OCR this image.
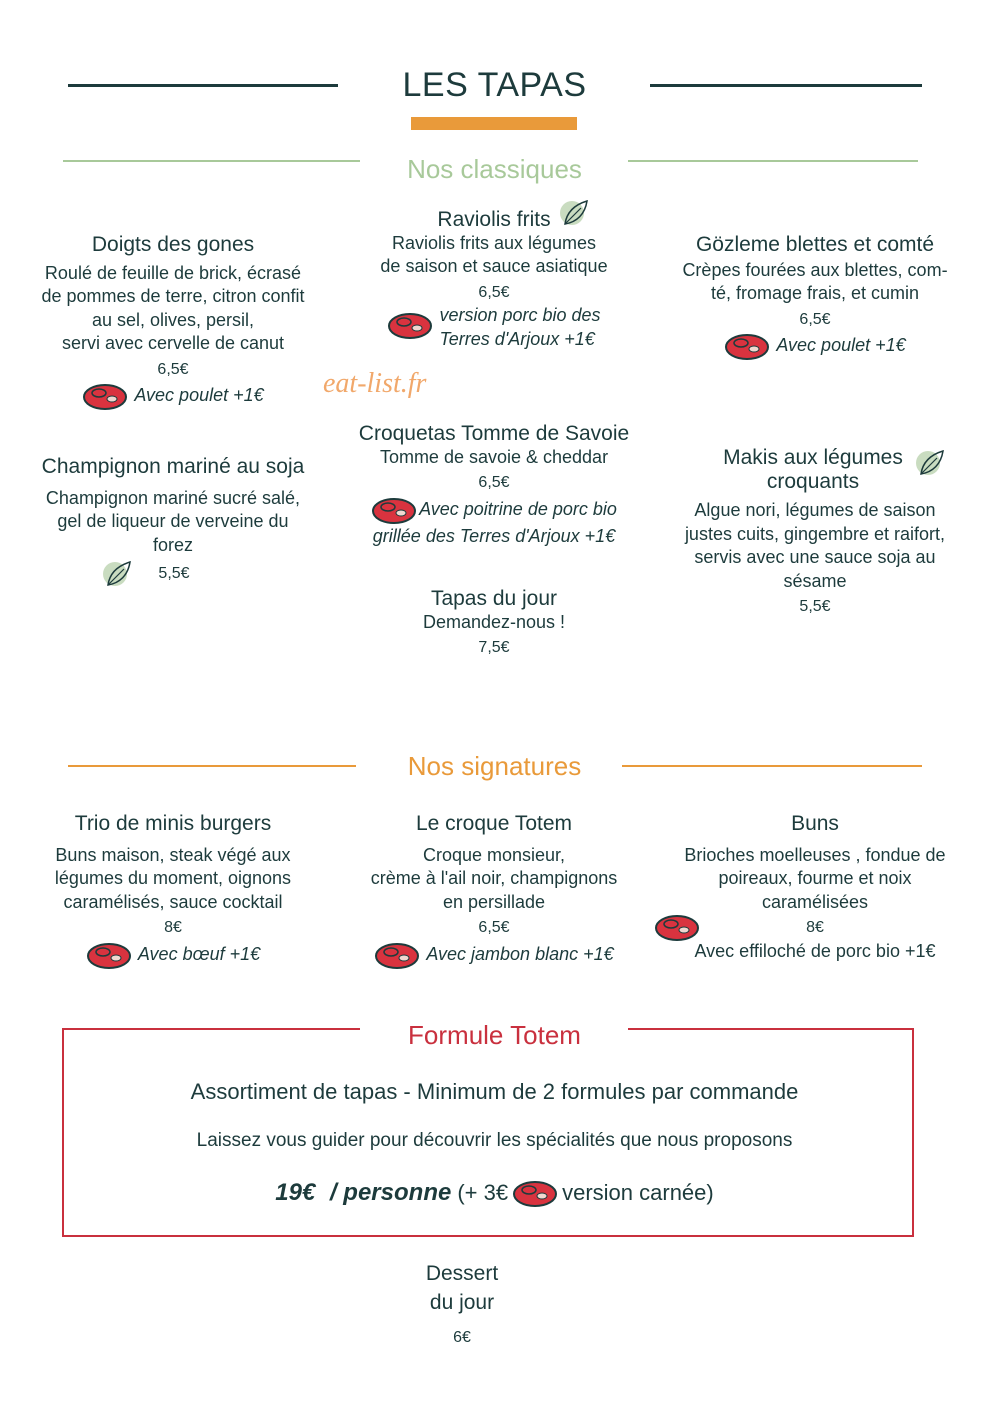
LES TAPAS
Nos classiques
eat-list.fr
Doigts des gones
Roulé de feuille de brick, écrasé
de pommes de terre, citron confit
au sel, olives, persil,
servi avec cervelle de canut
6,5€
Avec poulet +1€
Raviolis frits
Raviolis frits aux légumes
de saison et sauce asiatique
6,5€
version porc bio des
Terres d'Arjoux +1€
Gözleme blettes et comté
Crèpes fourées aux blettes, com-
té, fromage frais, et cumin
6,5€
Avec poulet +1€
Champignon mariné au soja
Champignon mariné sucré salé,
gel de liqueur de verveine du
forez
5,5€
Croquetas Tomme de Savoie
Tomme de savoie & cheddar
6,5€
Avec poitrine de porc bio
grillée des Terres d'Arjoux +1€
Makis aux légumes
croquants
Algue nori, légumes de saison
justes cuits, gingembre et raifort,
servis avec une sauce soja au
sésame
5,5€
Tapas du jour
Demandez-nous !
7,5€
Nos signatures
Trio de minis burgers
Buns maison, steak végé aux
légumes du moment, oignons
caramélisés, sauce cocktail
8€
Avec bœuf +1€
Le croque Totem
Croque monsieur,
crème à l'ail noir, champignons
en persillade
6,5€
Avec jambon blanc +1€
Buns
Brioches moelleuses , fondue de
poireaux, fourme et noix
caramélisées
8€
Avec effiloché de porc bio +1€
Formule Totem
Assortiment de tapas - Minimum de 2 formules par commande
Laissez vous guider pour découvrir les spécialités que nous proposons
19€ / personne (+ 3€ version carnée)
Dessert
du jour
6€
